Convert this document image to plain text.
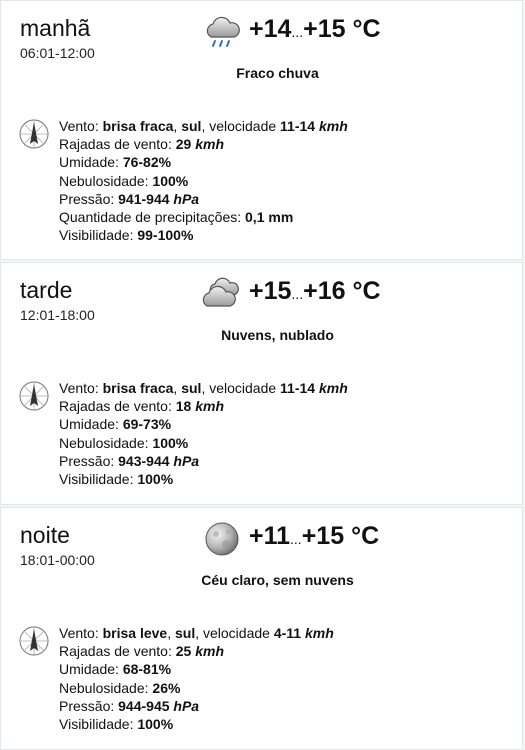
manhã
06:01-12:00
+14...+15 °C
Fraco chuva
Vento: brisa fraca, sul, velocidade 11-14 kmh
Rajadas de vento: 29 kmh
Umidade: 76-82%
Nebulosidade: 100%
Pressão: 941-944 hPa
Quantidade de precipitações: 0,1 mm
Visibilidade: 99-100%
tarde
12:01-18:00
+15...+16 °C
Nuvens, nublado
Vento: brisa fraca, sul, velocidade 11-14 kmh
Rajadas de vento: 18 kmh
Umidade: 69-73%
Nebulosidade: 100%
Pressão: 943-944 hPa
Visibilidade: 100%
noite
18:01-00:00
+11...+15 °C
Céu claro, sem nuvens
Vento: brisa leve, sul, velocidade 4-11 kmh
Rajadas de vento: 25 kmh
Umidade: 68-81%
Nebulosidade: 26%
Pressão: 944-945 hPa
Visibilidade: 100%
